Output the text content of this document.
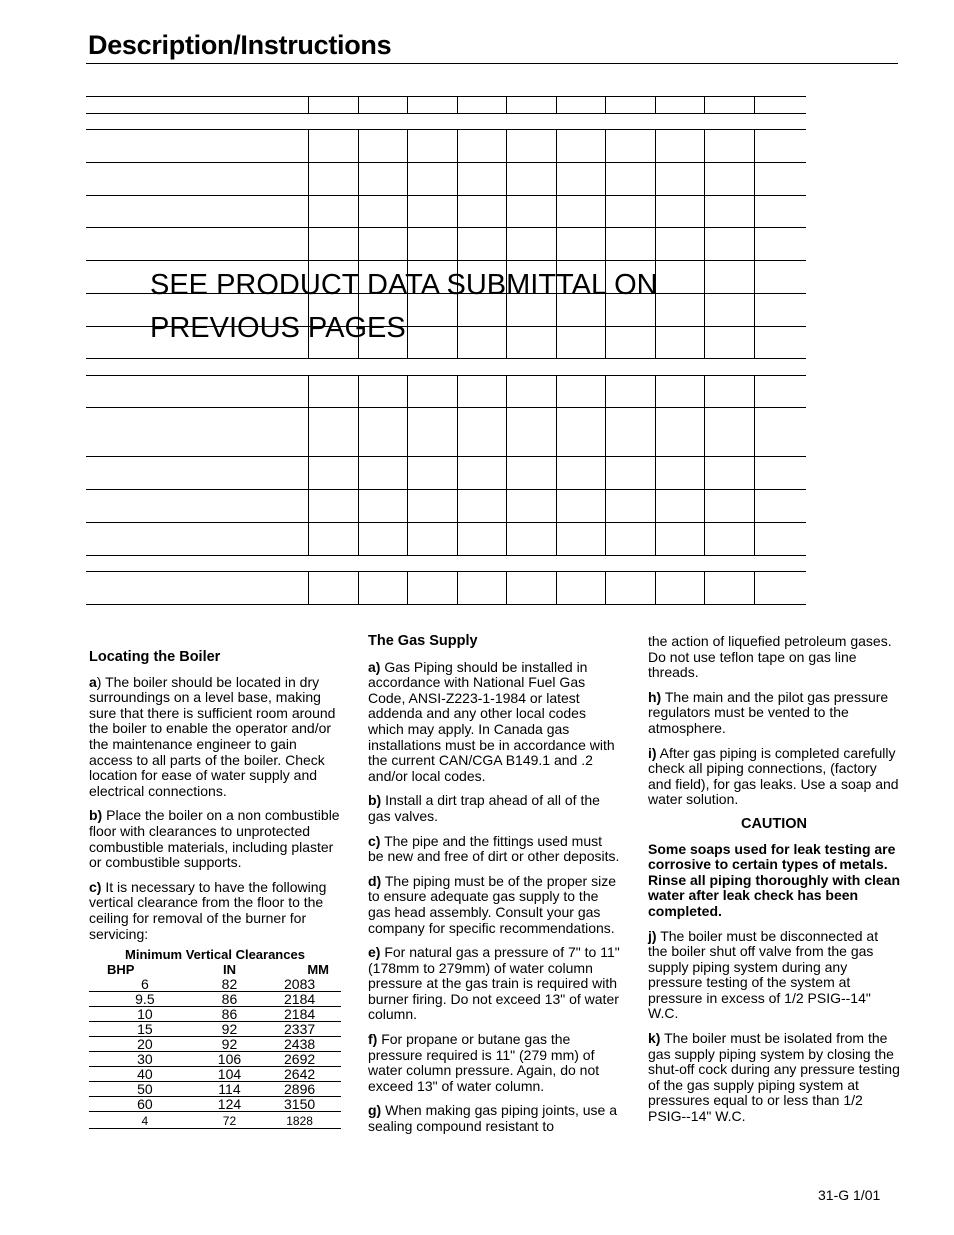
Description/Instructions
SEE PRODUCT DATA SUBMITTAL ON
PREVIOUS PAGES

Locating the Boiler

a) The boiler should be located in dry surroundings on a level base, making sure that there is sufficient room around the boiler to enable the operator and/or the maintenance engineer to gain access to all parts of the boiler. Check location for ease of water supply and electrical connections.

b) Place the boiler on a non combustible floor with clearances to unprotected combustible materials, including plaster or combustible supports.

c) It is necessary to have the following vertical clearance from the floor to the ceiling for removal of the burner for servicing:

Minimum Vertical Clearances		
BHP	IN	MM
6	82	2083
9.5	86	2184
10	86	2184
15	92	2337
20	92	2438
30	106	2692
40	104	2642
50	114	2896
60	124	3150
4	72	1828

The Gas Supply

a) Gas Piping should be installed in accordance with National Fuel Gas Code, ANSI-Z223-1-1984 or latest addenda and any other local codes which may apply. In Canada gas installations must be in accordance with the current CAN/CGA B149.1 and .2 and/or local codes.

b) Install a dirt trap ahead of all of the gas valves.

c) The pipe and the fittings used must be new and free of dirt or other deposits.

d) The piping must be of the proper size to ensure adequate gas supply to the gas head assembly. Consult your gas company for specific recommendations.

e) For natural gas a pressure of 7" to 11" (178mm to 279mm) of water column pressure at the gas train is required with burner firing. Do not exceed 13" of water column.

f) For propane or butane gas the pressure required is 11" (279 mm) of water column pressure. Again, do not exceed 13" of water column.

g) When making gas piping joints, use a sealing compound resistant to

the action of liquefied petroleum gases. Do not use teflon tape on gas line threads.

h) The main and the pilot gas pressure regulators must be vented to the atmosphere.

i) After gas piping is completed carefully check all piping connections, (factory and field), for gas leaks. Use a soap and water solution.

CAUTION

Some soaps used for leak testing are corrosive to certain types of metals. Rinse all piping thoroughly with clean water after leak check has been completed.

j) The boiler must be disconnected at the boiler shut off valve from the gas supply piping system during any pressure testing of the system at pressure in excess of 1/2 PSIG--14" W.C.

k) The boiler must be isolated from the gas supply piping system by closing the shut-off cock during any pressure testing of the gas supply piping system at pressures equal to or less than 1/2 PSIG--14" W.C.

31-G 1/01
